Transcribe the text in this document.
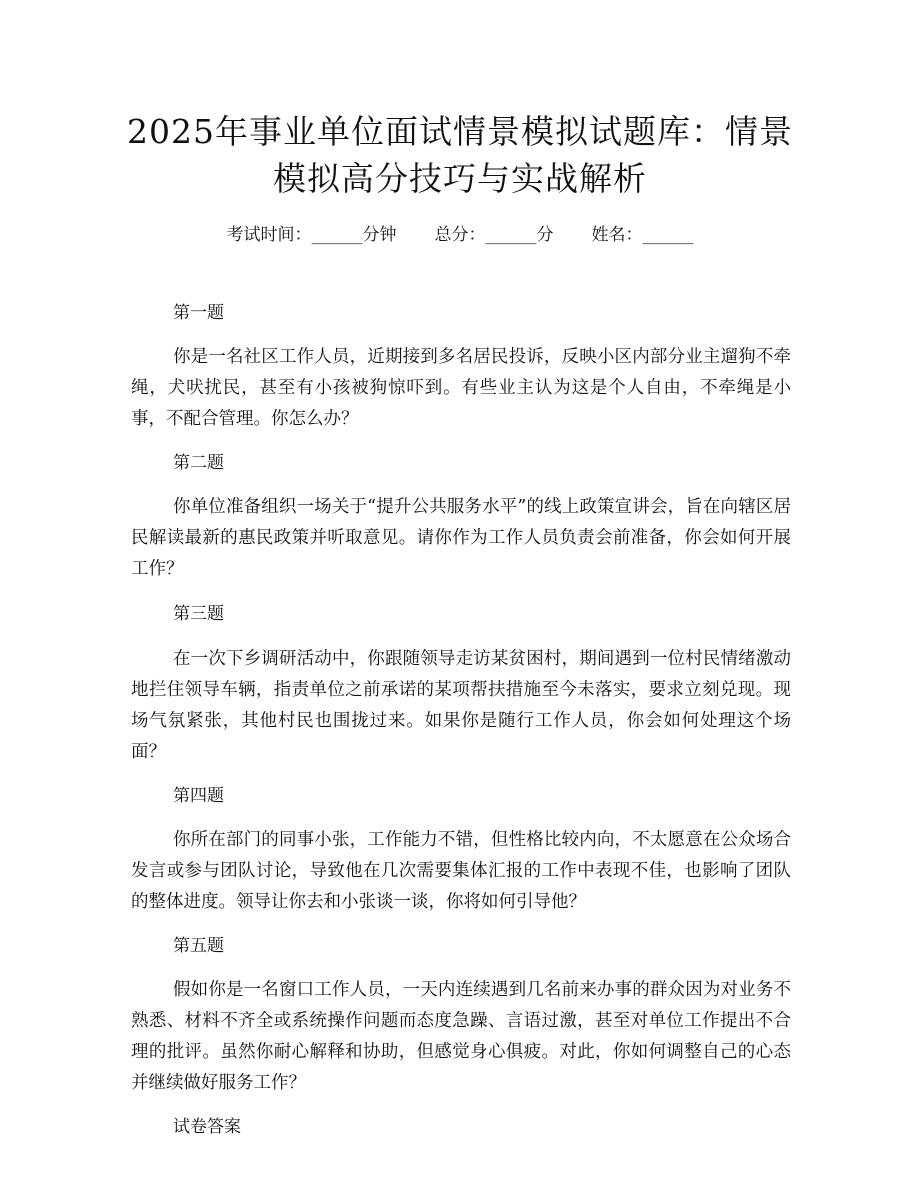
2025年事业单位面试情景模拟试题库：情景模拟高分技巧与实战解析
考试时间：______分钟 总分：______分 姓名：______

第一题

你是一名社区工作人员，近期接到多名居民投诉，反映小区内部分业主遛狗不牵绳，犬吠扰民，甚至有小孩被狗惊吓到。有些业主认为这是个人自由，不牵绳是小事，不配合管理。你怎么办？

第二题

你单位准备组织一场关于“提升公共服务水平”的线上政策宣讲会，旨在向辖区居民解读最新的惠民政策并听取意见。请你作为工作人员负责会前准备，你会如何开展工作？

第三题

在一次下乡调研活动中，你跟随领导走访某贫困村，期间遇到一位村民情绪激动地拦住领导车辆，指责单位之前承诺的某项帮扶措施至今未落实，要求立刻兑现。现场气氛紧张，其他村民也围拢过来。如果你是随行工作人员，你会如何处理这个场面？

第四题

你所在部门的同事小张，工作能力不错，但性格比较内向，不太愿意在公众场合发言或参与团队讨论，导致他在几次需要集体汇报的工作中表现不佳，也影响了团队的整体进度。领导让你去和小张谈一谈，你将如何引导他？

第五题

假如你是一名窗口工作人员，一天内连续遇到几名前来办事的群众因为对业务不熟悉、材料不齐全或系统操作问题而态度急躁、言语过激，甚至对单位工作提出不合理的批评。虽然你耐心解释和协助，但感觉身心俱疲。对此，你如何调整自己的心态并继续做好服务工作？

试卷答案
